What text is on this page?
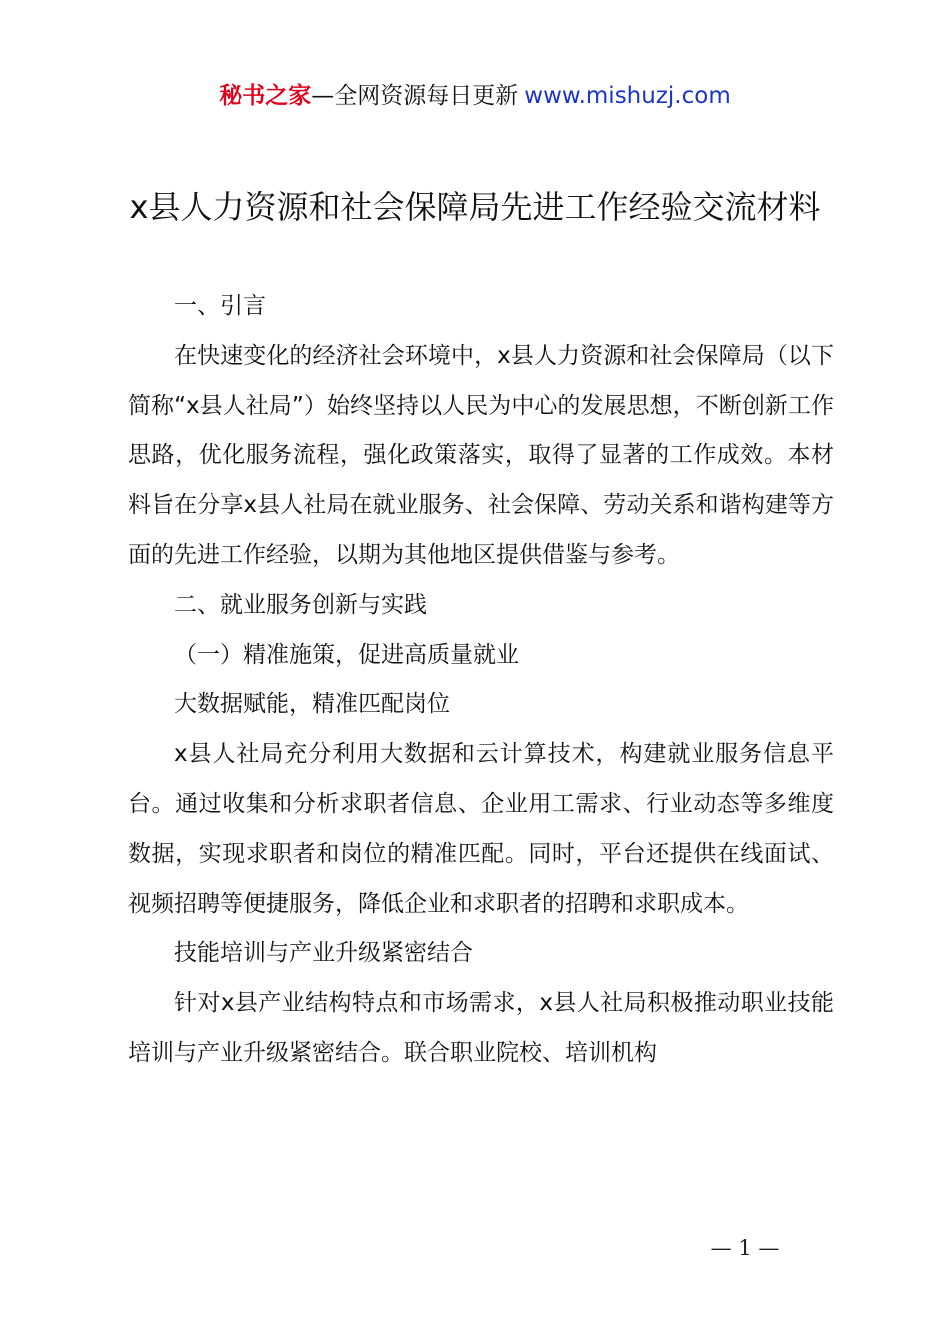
秘书之家—全网资源每日更新 www.mishuzj.com
x县人力资源和社会保障局先进工作经验交流材料

一、引言

在快速变化的经济社会环境中，x县人力资源和社会保障局（以下简称“x县人社局”）始终坚持以人民为中心的发展思想，不断创新工作思路，优化服务流程，强化政策落实，取得了显著的工作成效。本材料旨在分享x县人社局在就业服务、社会保障、劳动关系和谐构建等方面的先进工作经验，以期为其他地区提供借鉴与参考。

二、就业服务创新与实践

（一）精准施策，促进高质量就业

大数据赋能，精准匹配岗位

x县人社局充分利用大数据和云计算技术，构建就业服务信息平台。通过收集和分析求职者信息、企业用工需求、行业动态等多维度数据，实现求职者和岗位的精准匹配。同时，平台还提供在线面试、视频招聘等便捷服务，降低企业和求职者的招聘和求职成本。

技能培训与产业升级紧密结合

针对x县产业结构特点和市场需求，x县人社局积极推动职业技能培训与产业升级紧密结合。联合职业院校、培训机构

— 1 —
